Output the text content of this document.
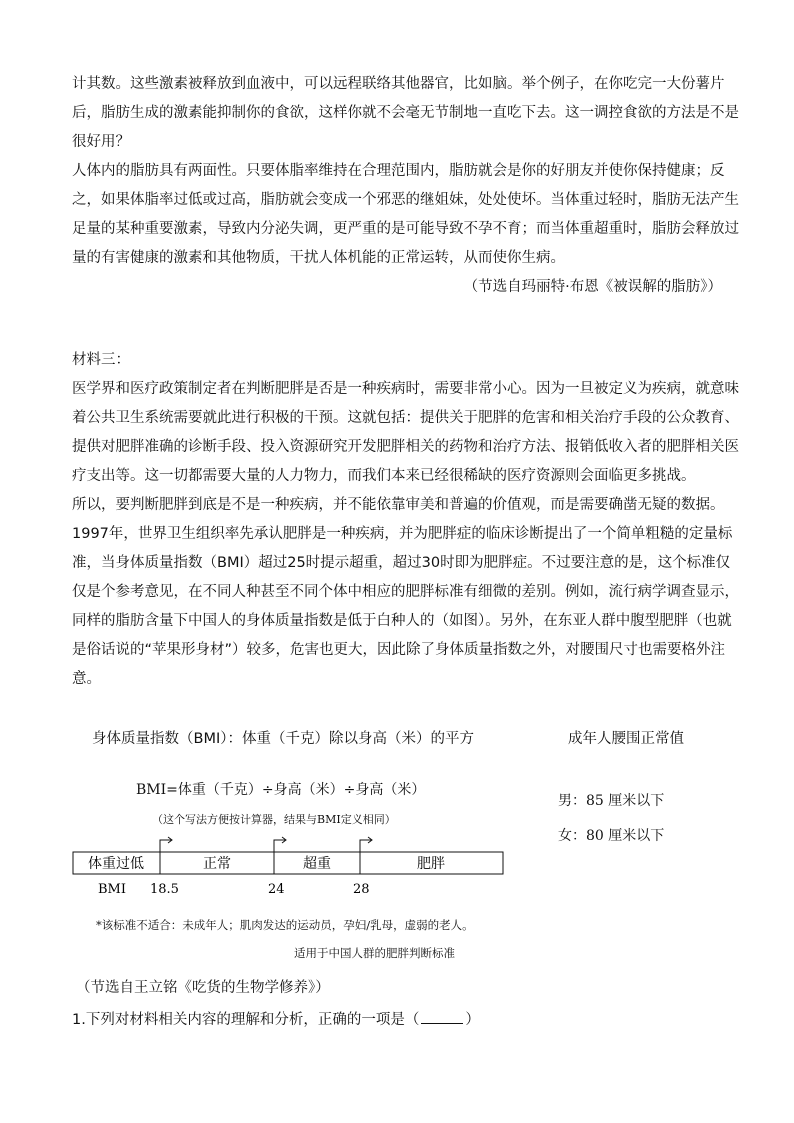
计其数。这些激素被释放到血液中，可以远程联络其他器官，比如脑。举个例子，在你吃完一大份薯片
后，脂肪生成的激素能抑制你的食欲，这样你就不会毫无节制地一直吃下去。这一调控食欲的方法是不是
很好用？
人体内的脂肪具有两面性。只要体脂率维持在合理范围内，脂肪就会是你的好朋友并使你保持健康；反
之，如果体脂率过低或过高，脂肪就会变成一个邪恶的继姐妹，处处使坏。当体重过轻时，脂肪无法产生
足量的某种重要激素，导致内分泌失调，更严重的是可能导致不孕不育；而当体重超重时，脂肪会释放过
量的有害健康的激素和其他物质，干扰人体机能的正常运转，从而使你生病。
（节选自玛丽特·布恩《被误解的脂肪》）
材料三：
医学界和医疗政策制定者在判断肥胖是否是一种疾病时，需要非常小心。因为一旦被定义为疾病，就意味
着公共卫生系统需要就此进行积极的干预。这就包括：提供关于肥胖的危害和相关治疗手段的公众教育、
提供对肥胖准确的诊断手段、投入资源研究开发肥胖相关的药物和治疗方法、报销低收入者的肥胖相关医
疗支出等。这一切都需要大量的人力物力，而我们本来已经很稀缺的医疗资源则会面临更多挑战。
所以，要判断肥胖到底是不是一种疾病，并不能依靠审美和普遍的价值观，而是需要确凿无疑的数据。
1997年，世界卫生组织率先承认肥胖是一种疾病，并为肥胖症的临床诊断提出了一个简单粗糙的定量标
准，当身体质量指数（BMI）超过25时提示超重，超过30时即为肥胖症。不过要注意的是，这个标准仅
仅是个参考意见，在不同人种甚至不同个体中相应的肥胖标准有细微的差别。例如，流行病学调查显示，
同样的脂肪含量下中国人的身体质量指数是低于白种人的（如图）。另外，在东亚人群中腹型肥胖（也就
是俗话说的“苹果形身材”）较多，危害也更大，因此除了身体质量指数之外，对腰围尺寸也需要格外注
意。
身体质量指数（BMI）：体重（千克）除以身高（米）的平方	成年人腰围正常值
BMI=体重（千克）÷身高（米）÷身高（米）
（这个写法方便按计算器，结果与BMI定义相同）
男：85 厘米以下
女：80 厘米以下
体重过低	正常	超重	肥胖
BMI 18.5	24	28
*该标准不适合：未成年人；肌肉发达的运动员，孕妇/乳母，虚弱的老人。
适用于中国人群的肥胖判断标准
（节选自王立铭《吃货的生物学修养》）
1.下列对材料相关内容的理解和分析，正确的一项是（	）
